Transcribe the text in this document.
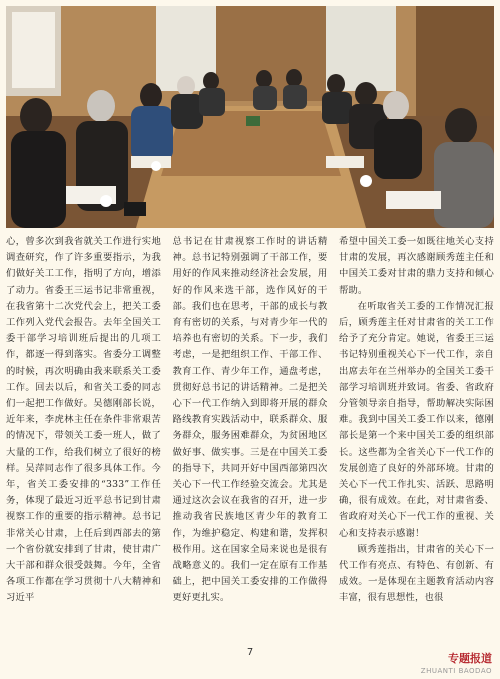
心，曾多次到我省就关工作进行实地调查研究，作了许多重要指示，为我们做好关工工作，指明了方向，增添了动力。省委王三运书记非常重视，在我省第十二次党代会上，把关工委工作列入党代会报告。去年全国关工委干部学习培训班后提出的几项工作，都逐一得到落实。省委分工调整的时候，再次明确由我来联系关工委工作。回去以后，和省关工委的同志们一起把工作做好。吴德刚部长说，近年来，李虎林主任在条件非常艰苦的情况下，带领关工委一班人，做了大量的工作，给我们树立了很好的榜样。吴萍同志作了很多具体工作。今年，省关工委安排的“333”工作任务，体现了最近习近平总书记到甘肃视察工作的重要的指示精神。总书记非常关心甘肃，上任后到西部去的第一个省份就安排到了甘肃，使甘肃广大干部和群众很受鼓舞。今年，全省各项工作都在学习贯彻十八大精神和习近平

总书记在甘肃视察工作时的讲话精神。总书记特别强调了干部工作，要用好的作风来推动经济社会发展，用好的作风来选干部，选作风好的干部。我们也在思考，干部的成长与教育有密切的关系，与对青少年一代的培养也有密切的关系。下一步，我们考虑，一是把组织工作、干部工作、教育工作、青少年工作，通盘考虑，贯彻好总书记的讲话精神。二是把关心下一代工作纳入到即将开展的群众路线教育实践活动中，联系群众、服务群众，服务困难群众，为贫困地区做好事、做实事。三是在中国关工委的指导下，共同开好中国西部第四次关心下一代工作经验交流会。尤其是通过这次会议在我省的召开，进一步推动我省民族地区青少年的教育工作，为维护稳定、构建和谐，发挥积极作用。这在国家全局来说也是很有战略意义的。我们一定在原有工作基础上，把中国关工委安排的工作做得更好更扎实。

希望中国关工委一如既往地关心支持甘肃的发展，再次感谢顾秀莲主任和中国关工委对甘肃的鼎力支持和倾心帮助。

在听取省关工委的工作情况汇报后，顾秀莲主任对甘肃省的关工工作给予了充分肯定。她说，省委王三运书记特别重视关心下一代工作，亲自出席去年在兰州举办的全国关工委干部学习培训班并致词。省委、省政府分管领导亲自指导，帮助解决实际困难。我到中国关工委工作以来，德刚部长是第一个来中国关工委的组织部长。这些都为全省关心下一代工作的发展创造了良好的外部环境。甘肃的关心下一代工作扎实、活跃、思路明确，很有成效。在此，对甘肃省委、省政府对关心下一代工作的重视、关心和支持表示感谢！

顾秀莲指出，甘肃省的关心下一代工作有亮点、有特色、有创新、有成效。一是体现在主题教育活动内容丰富，很有思想性，也很

7	专题报道
ZHUANTI BAODAO
